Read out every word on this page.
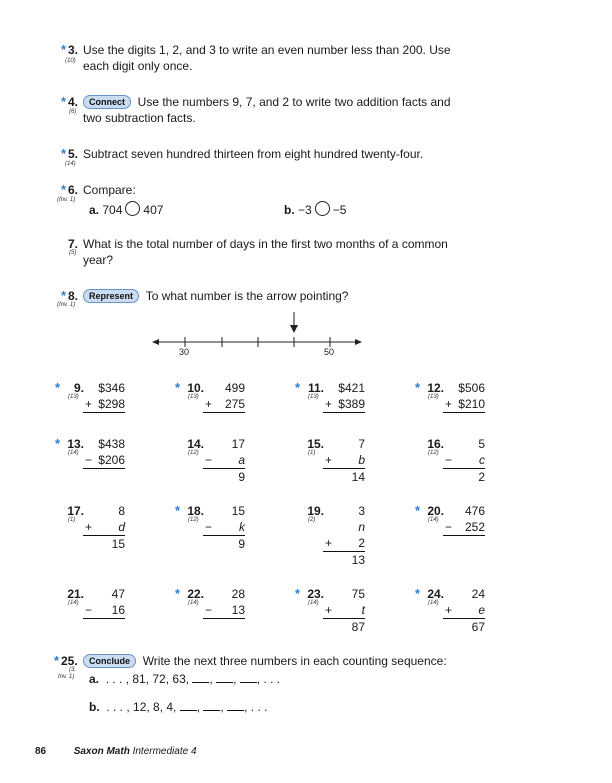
* 3.
(10)
Use the digits 1, 2, and 3 to write an even number less than 200. Use
each digit only once.
* 4.
(6)
Connect Use the numbers 9, 7, and 2 to write two addition facts and
two subtraction facts.
* 5.
(14)
Subtract seven hundred thirteen from eight hundred twenty-four.
* 6.
(Inv. 1)
Compare:
a. 704 407	b. −3 −5
7.
(5)
What is the total number of days in the first two months of a common
year?
* 8.
(Inv. 1)
Represent To what number is the arrow pointing?
30	50
*	9.
(13)
$346
+ $298
* 10.
(13)
499
+ 275
* 11.
(13)
$421
+ $389
* 12.
(13)
$506
+ $210
* 13.
(14)
$438
− $206
14.
(12)
17
− a
9
15.
(1)
7
+ b
14
16.
(12)
5
− c
2
17.
(1)
8
+ d
15
* 18.
(12)
15
− k
9
19.
(2)
3
n
+ 2
13
* 20.
(14)
476
− 252
21.
(14)
47
− 16
* 22.
(14)
28
− 13
* 23.
(14)
75
+ t
87
* 24.
(14)
24
+ e
67
* 25.
(3,
Inv. 1)
Conclude Write the next three numbers in each counting sequence:
a. . . . , 81, 72, 63, , , , . . .
b. . . . , 12, 8, 4, , , , . . .
86	Saxon Math Intermediate 4
